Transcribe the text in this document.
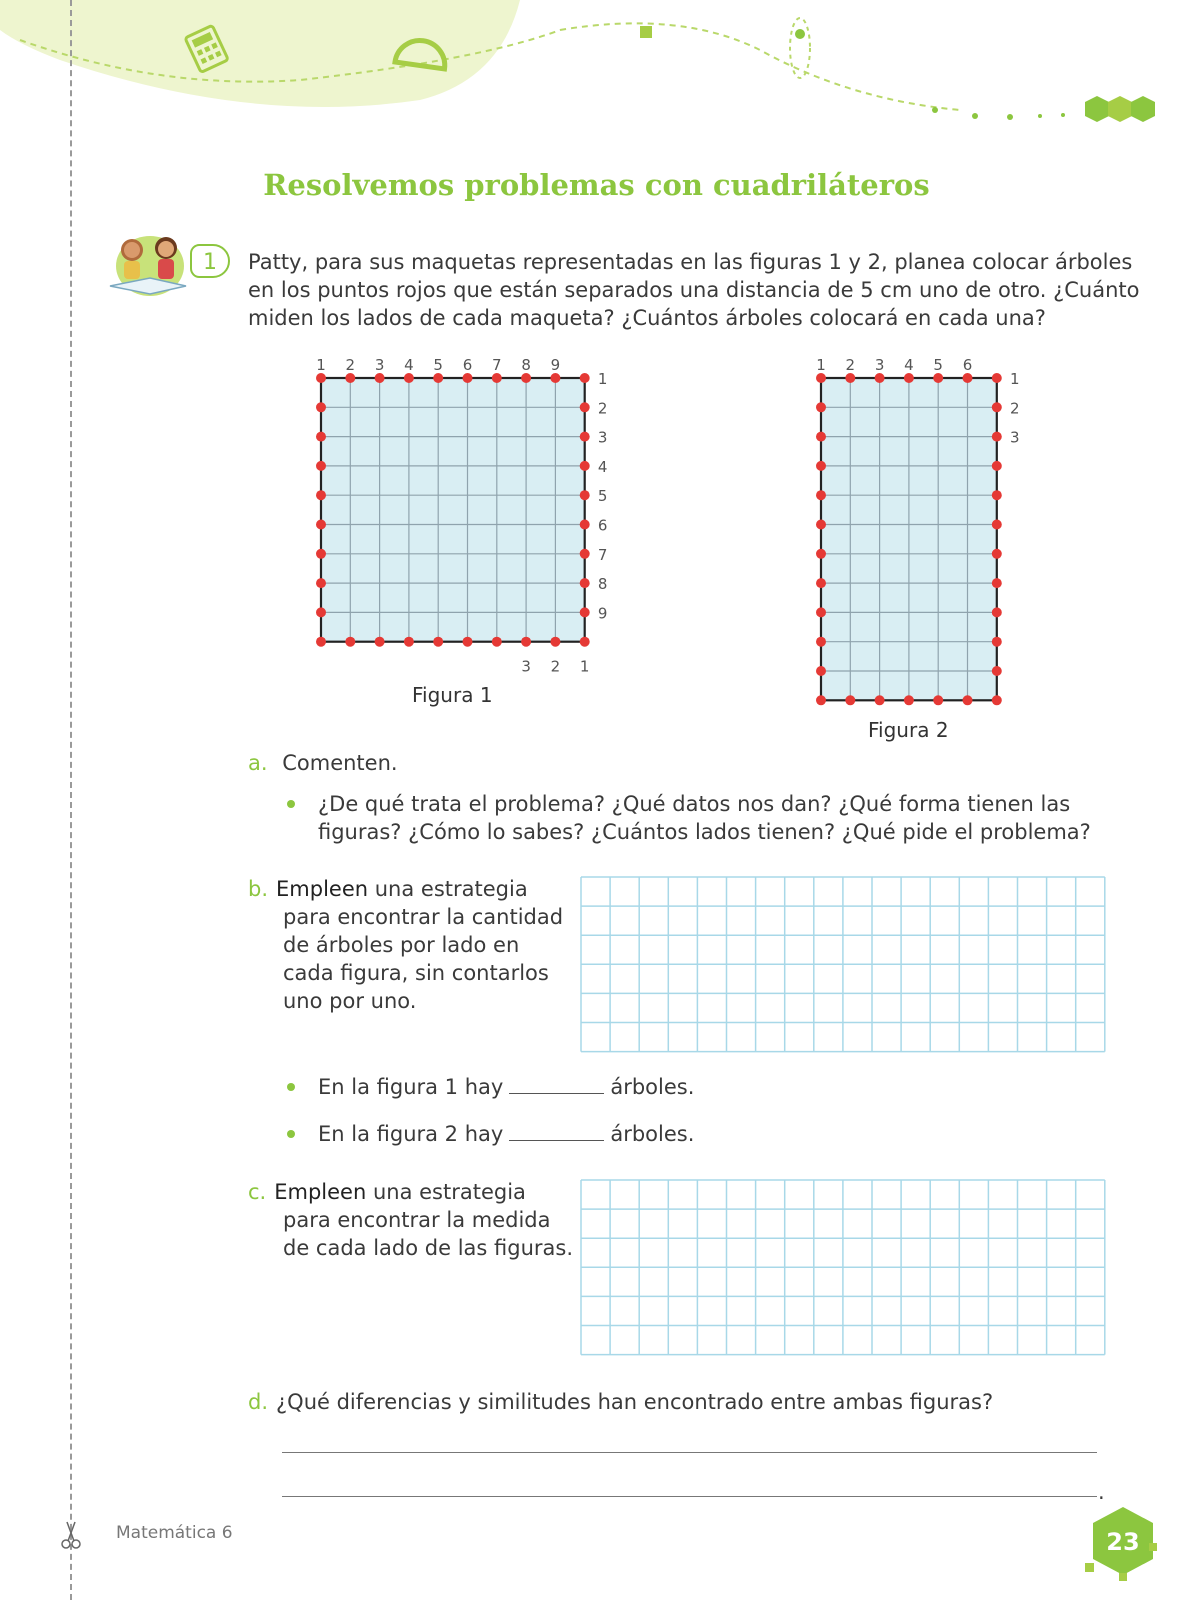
Resolvemos problemas con cuadriláteros
1	Patty, para sus maquetas representadas en las figuras 1 y 2, planea colocar árboles

en los puntos rojos que están separados una distancia de 5 cm uno de otro. ¿Cuánto

miden los lados de cada maqueta? ¿Cuántos árboles colocará en cada una?

1 2 3 4 5 6 7 8 9
1
2
3
4
5
6
7
8
9
3 2 1
Figura 1
1 2 3 4 5 6
1
2
3
Figura 2
a. Comenten.

¿De qué trata el problema? ¿Qué datos nos dan? ¿Qué forma tienen las

figuras? ¿Cómo lo sabes? ¿Cuántos lados tienen? ¿Qué pide el problema?

b. Empleen una estrategia

para encontrar la cantidad

de árboles por lado en

cada figura, sin contarlos

uno por uno.

En la figura 1 hay	árboles.
En la figura 2 hay	árboles.
c. Empleen una estrategia

para encontrar la medida

de cada lado de las figuras.

d. ¿Qué diferencias y similitudes han encontrado entre ambas figuras?
.
Matemática 6	23
